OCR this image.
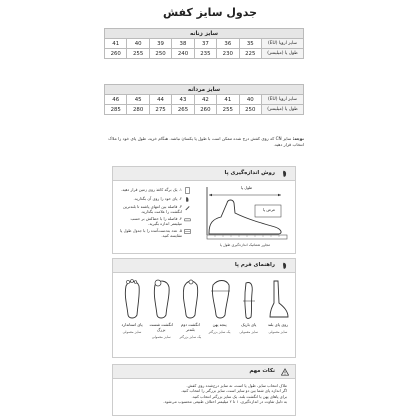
جدول سایز کفش
سایز زنانه							
41	40	39	38	37	36	35	سایز اروپا (EU)
260	255	250	240	235	230	225	طول پا (میلیمتر)
سایز مردانه							
46	45	44	43	42	41	40	سایز اروپا (EU)
285	280	275	265	260	255	250	طول پا (میلیمتر)
توجه: سایز CN که روی کفش درج شده ممکن است با طول پا یکسان نباشد. هنگام خرید، طول پای خود را ملاک انتخاب قرار دهید.
روش اندازه‌گیری پا
۱. یک برگه کاغذ روی زمین قرار دهید.
۲. پای خود را روی آن بگذارید.
۳. فاصله بین انتهای پاشنه تا بلندترین انگشت را علامت بگذارید.
۴. فاصله را با خط‌کش بر حسب میلیمتر اندازه بگیرید.
۵. عدد به‌دست‌آمده را با جدول طول پا مقایسه کنید.
طول پا
عرض پا
مجاور شماتیک اندازه‌گیری طول پا
راهنمای فرم پا
روی پای بلند
سایز معمولی
پای باریک
سایز معمولی
پنجه پهن
یک سایز بزرگتر
انگشت دوم بلندتر
یک سایز بزرگتر
انگشت شست بزرگ
سایز معمولی
پای استاندارد
سایز معمولی
نکات مهم
ملاک انتخاب سایز، طول پا است، نه سایز درج‌شده روی کفش.
اگر اندازه پای شما بین دو سایز است، سایز بزرگتر را انتخاب کنید.
برای پاهای پهن یا انگشت بلند، یک سایز بزرگتر انتخاب کنید.
به دلیل تفاوت در اندازه‌گیری، ۱ تا ۲ میلیمتر اختلاف طبیعی محسوب می‌شود.
